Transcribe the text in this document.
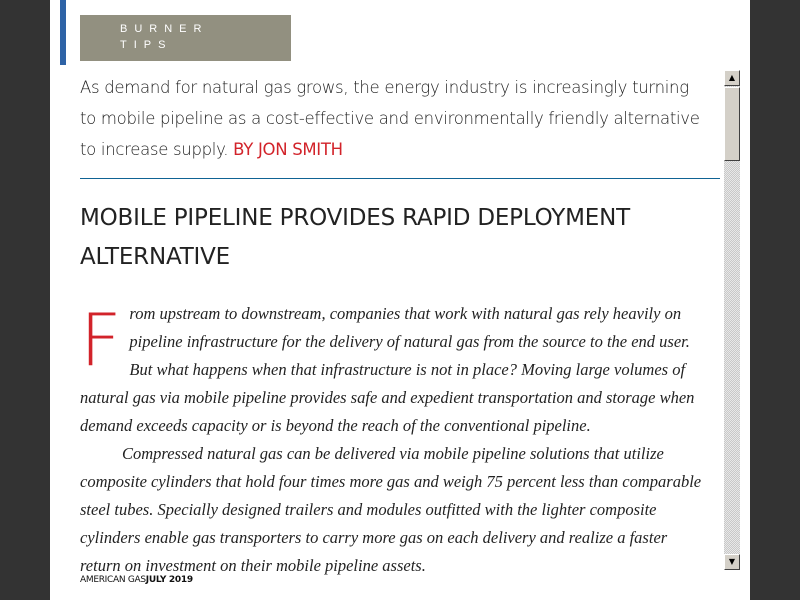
BURNER
TIPS
As demand for natural gas grows, the energy industry is increasingly turning to mobile pipeline as a cost-effective and environmentally friendly alternative to increase supply. BY JON SMITH
MOBILE PIPELINE PROVIDES RAPID DEPLOYMENT ALTERNATIVE

From upstream to downstream, companies that work with natural gas rely heavily on pipeline infrastructure for the delivery of natural gas from the source to the end user. But what happens when that infrastructure is not in place? Moving large volumes of natural gas via mobile pipeline provides safe and expedient transportation and storage when demand exceeds capacity or is beyond the reach of the conventional pipeline.

Compressed natural gas can be delivered via mobile pipeline solutions that utilize composite cylinders that hold four times more gas and weigh 75 percent less than comparable steel tubes. Specially designed trailers and modules outfitted with the lighter composite cylinders enable gas transporters to carry more gas on each delivery and realize a faster return on investment on their mobile pipeline assets.

AMERICAN GASJULY 2019
▲
▼
